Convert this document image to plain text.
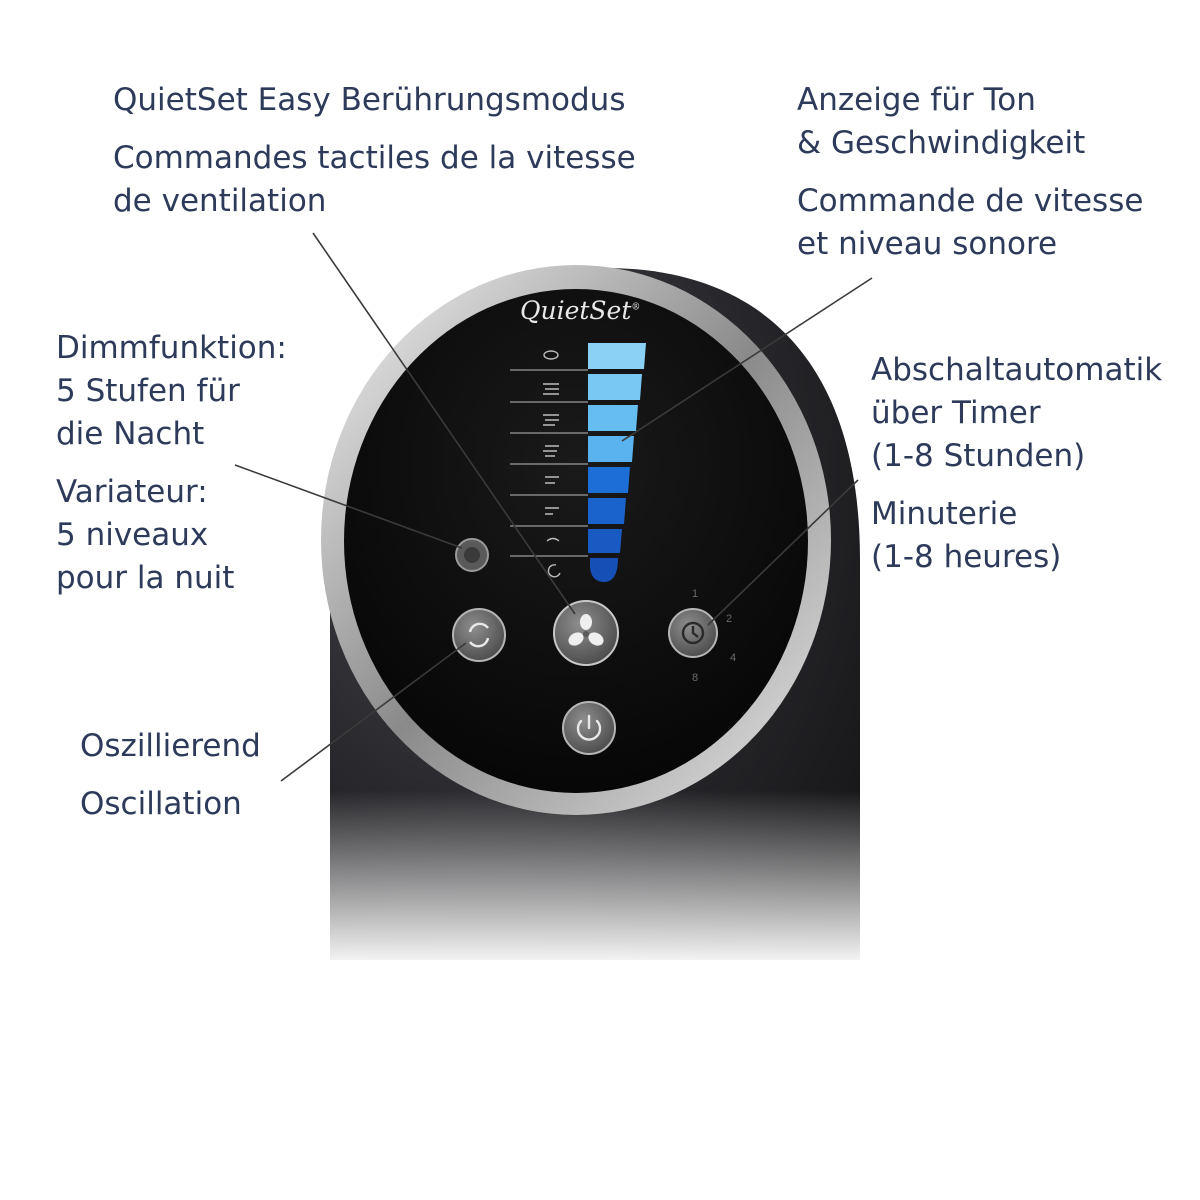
QuietSet®
1
2
4
8
QuietSet Easy Berührungsmodus
Commandes tactiles de la vitesse
de ventilation
Anzeige für Ton
& Geschwindigkeit
Commande de vitesse
et niveau sonore
Dimmfunktion:
5 Stufen für
die Nacht
Variateur:
5 niveaux
pour la nuit
Abschaltautomatik
über Timer
(1-8 Stunden)
Minuterie
(1-8 heures)
Oszillierend
Oscillation
